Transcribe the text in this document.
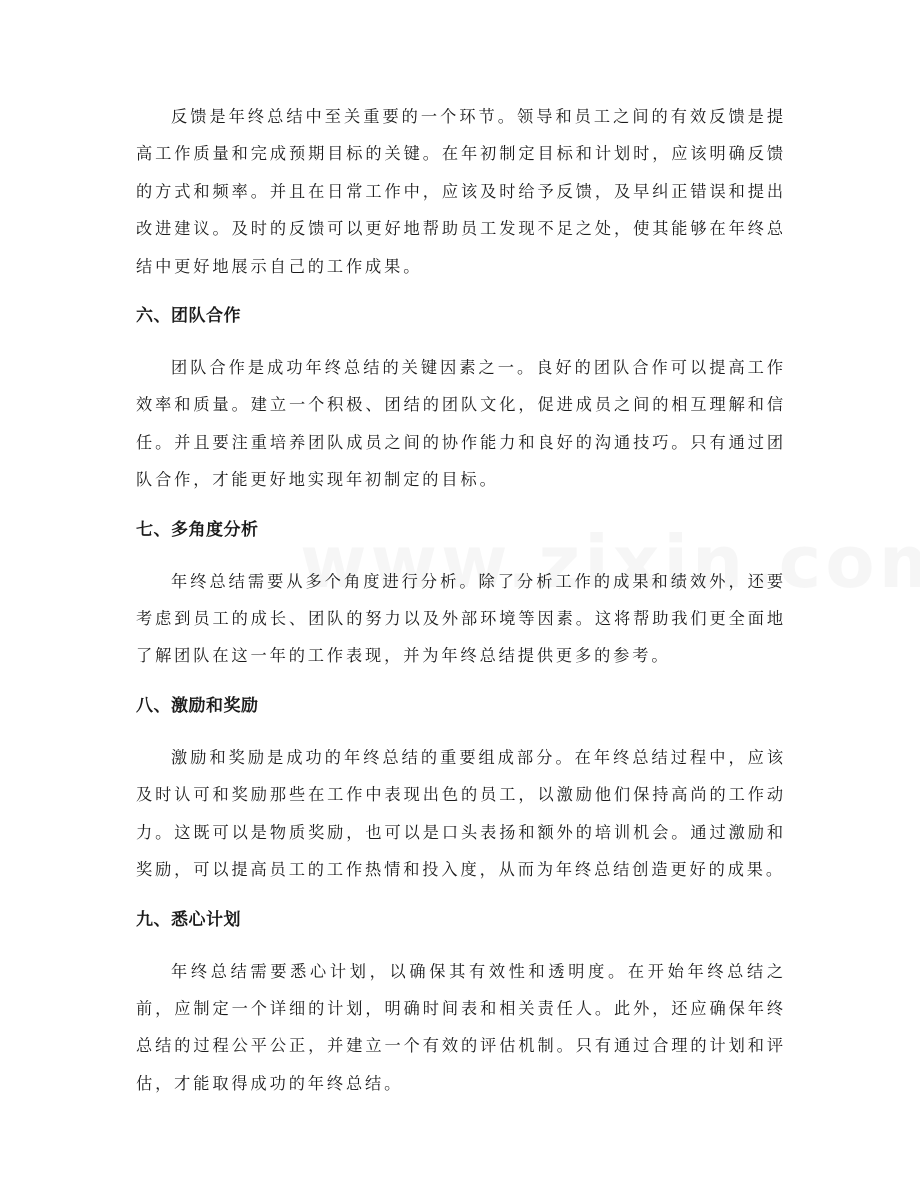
反馈是年终总结中至关重要的一个环节。领导和员工之间的有效反馈是提高工作质量和完成预期目标的关键。在年初制定目标和计划时，应该明确反馈的方式和频率。并且在日常工作中，应该及时给予反馈，及早纠正错误和提出改进建议。及时的反馈可以更好地帮助员工发现不足之处，使其能够在年终总结中更好地展示自己的工作成果。

六、团队合作

团队合作是成功年终总结的关键因素之一。良好的团队合作可以提高工作效率和质量。建立一个积极、团结的团队文化，促进成员之间的相互理解和信任。并且要注重培养团队成员之间的协作能力和良好的沟通技巧。只有通过团队合作，才能更好地实现年初制定的目标。

七、多角度分析

年终总结需要从多个角度进行分析。除了分析工作的成果和绩效外，还要考虑到员工的成长、团队的努力以及外部环境等因素。这将帮助我们更全面地了解团队在这一年的工作表现，并为年终总结提供更多的参考。

八、激励和奖励

激励和奖励是成功的年终总结的重要组成部分。在年终总结过程中，应该及时认可和奖励那些在工作中表现出色的员工，以激励他们保持高尚的工作动力。这既可以是物质奖励，也可以是口头表扬和额外的培训机会。通过激励和奖励，可以提高员工的工作热情和投入度，从而为年终总结创造更好的成果。

九、悉心计划

年终总结需要悉心计划，以确保其有效性和透明度。在开始年终总结之前，应制定一个详细的计划，明确时间表和相关责任人。此外，还应确保年终总结的过程公平公正，并建立一个有效的评估机制。只有通过合理的计划和评估，才能取得成功的年终总结。
